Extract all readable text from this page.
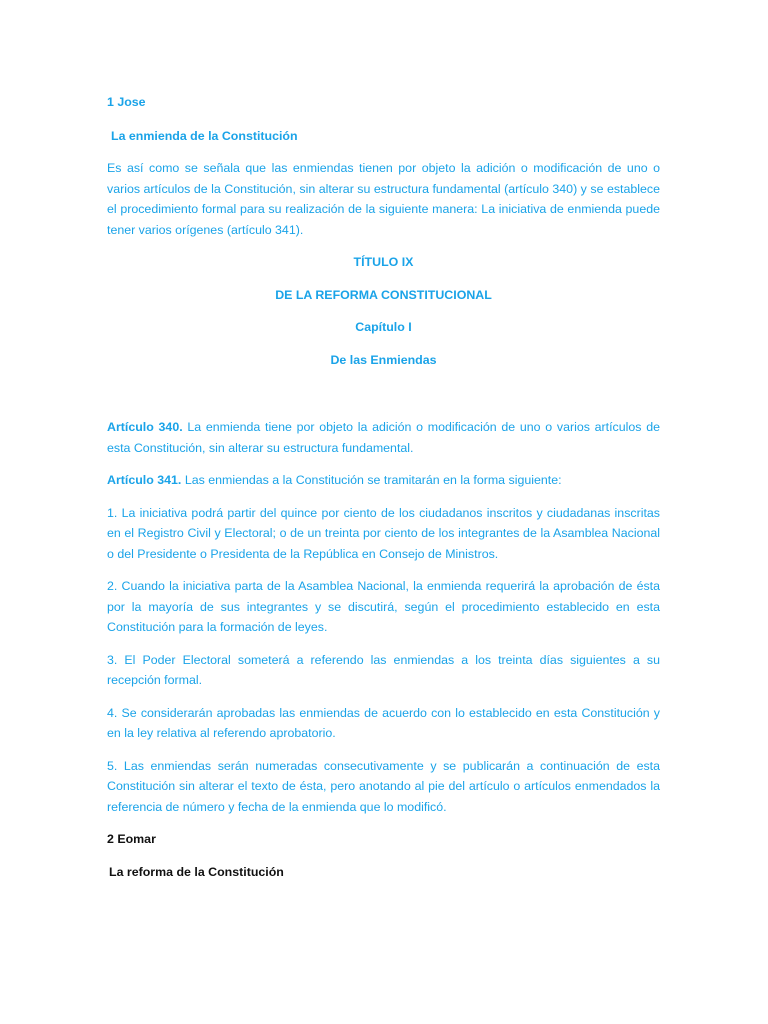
1 Jose

La enmienda de la Constitución

Es así como se señala que las enmiendas tienen por objeto la adición o modificación de uno o varios artículos de la Constitución, sin alterar su estructura fundamental (artículo 340) y se establece el procedimiento formal para su realización de la siguiente manera: La iniciativa de enmienda puede tener varios orígenes (artículo 341).

TÍTULO IX

DE LA REFORMA CONSTITUCIONAL

Capítulo I

De las Enmiendas

Artículo 340. La enmienda tiene por objeto la adición o modificación de uno o varios artículos de esta Constitución, sin alterar su estructura fundamental.

Artículo 341. Las enmiendas a la Constitución se tramitarán en la forma siguiente:

1. La iniciativa podrá partir del quince por ciento de los ciudadanos inscritos y ciudadanas inscritas en el Registro Civil y Electoral; o de un treinta por ciento de los integrantes de la Asamblea Nacional o del Presidente o Presidenta de la República en Consejo de Ministros.

2. Cuando la iniciativa parta de la Asamblea Nacional, la enmienda requerirá la aprobación de ésta por la mayoría de sus integrantes y se discutirá, según el procedimiento establecido en esta Constitución para la formación de leyes.

3. El Poder Electoral someterá a referendo las enmiendas a los treinta días siguientes a su recepción formal.

4. Se considerarán aprobadas las enmiendas de acuerdo con lo establecido en esta Constitución y en la ley relativa al referendo aprobatorio.

5. Las enmiendas serán numeradas consecutivamente y se publicarán a continuación de esta Constitución sin alterar el texto de ésta, pero anotando al pie del artículo o artículos enmendados la referencia de número y fecha de la enmienda que lo modificó.

2 Eomar

La reforma de la Constitución
